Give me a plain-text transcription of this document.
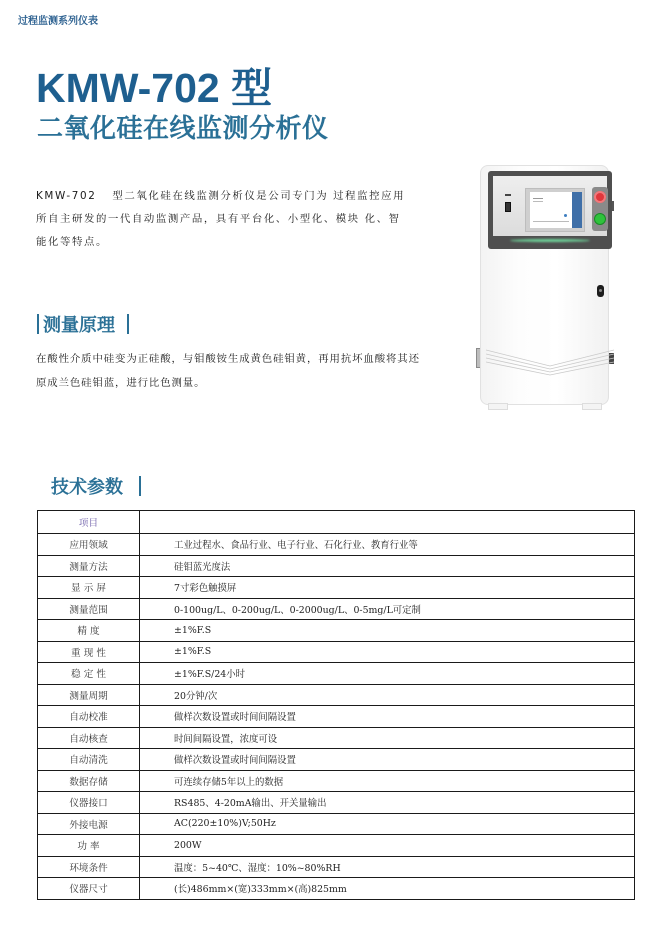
过程监测系列仪表
KMW-702 型
二氧化硅在线监测分析仪
KMW-702 型二氧化硅在线监测分析仪是公司专门为 过程监控应用所自主研发的一代自动监测产品，具有平台化、小型化、模块 化、智能化等特点。
测量原理
在酸性介质中硅变为正硅酸，与钼酸铵生成黄色硅钼黄，再用抗坏血酸将其还原成兰色硅钼蓝，进行比色测量。
技术参数
项目	
应用领域	工业过程水、食品行业、电子行业、石化行业、教育行业等
测量方法	硅钼蓝光度法
显 示 屏	7寸彩色触摸屏
测量范围	0-100ug/L、0-200ug/L、0-2000ug/L、0-5mg/L可定制
精 度	±1%F.S
重 现 性	±1%F.S
稳 定 性	±1%F.S/24小时
测量周期	20分钟/次
自动校准	做样次数设置或时间间隔设置
自动核查	时间间隔设置，浓度可设
自动清洗	做样次数设置或时间间隔设置
数据存储	可连续存储5年以上的数据
仪器接口	RS485、4-20mA输出、开关量输出
外接电源	AC(220±10%)V;50Hz
功 率	200W
环境条件	温度：5~40℃、湿度：10%~80%RH
仪器尺寸	(长)486mm×(宽)333mm×(高)825mm
